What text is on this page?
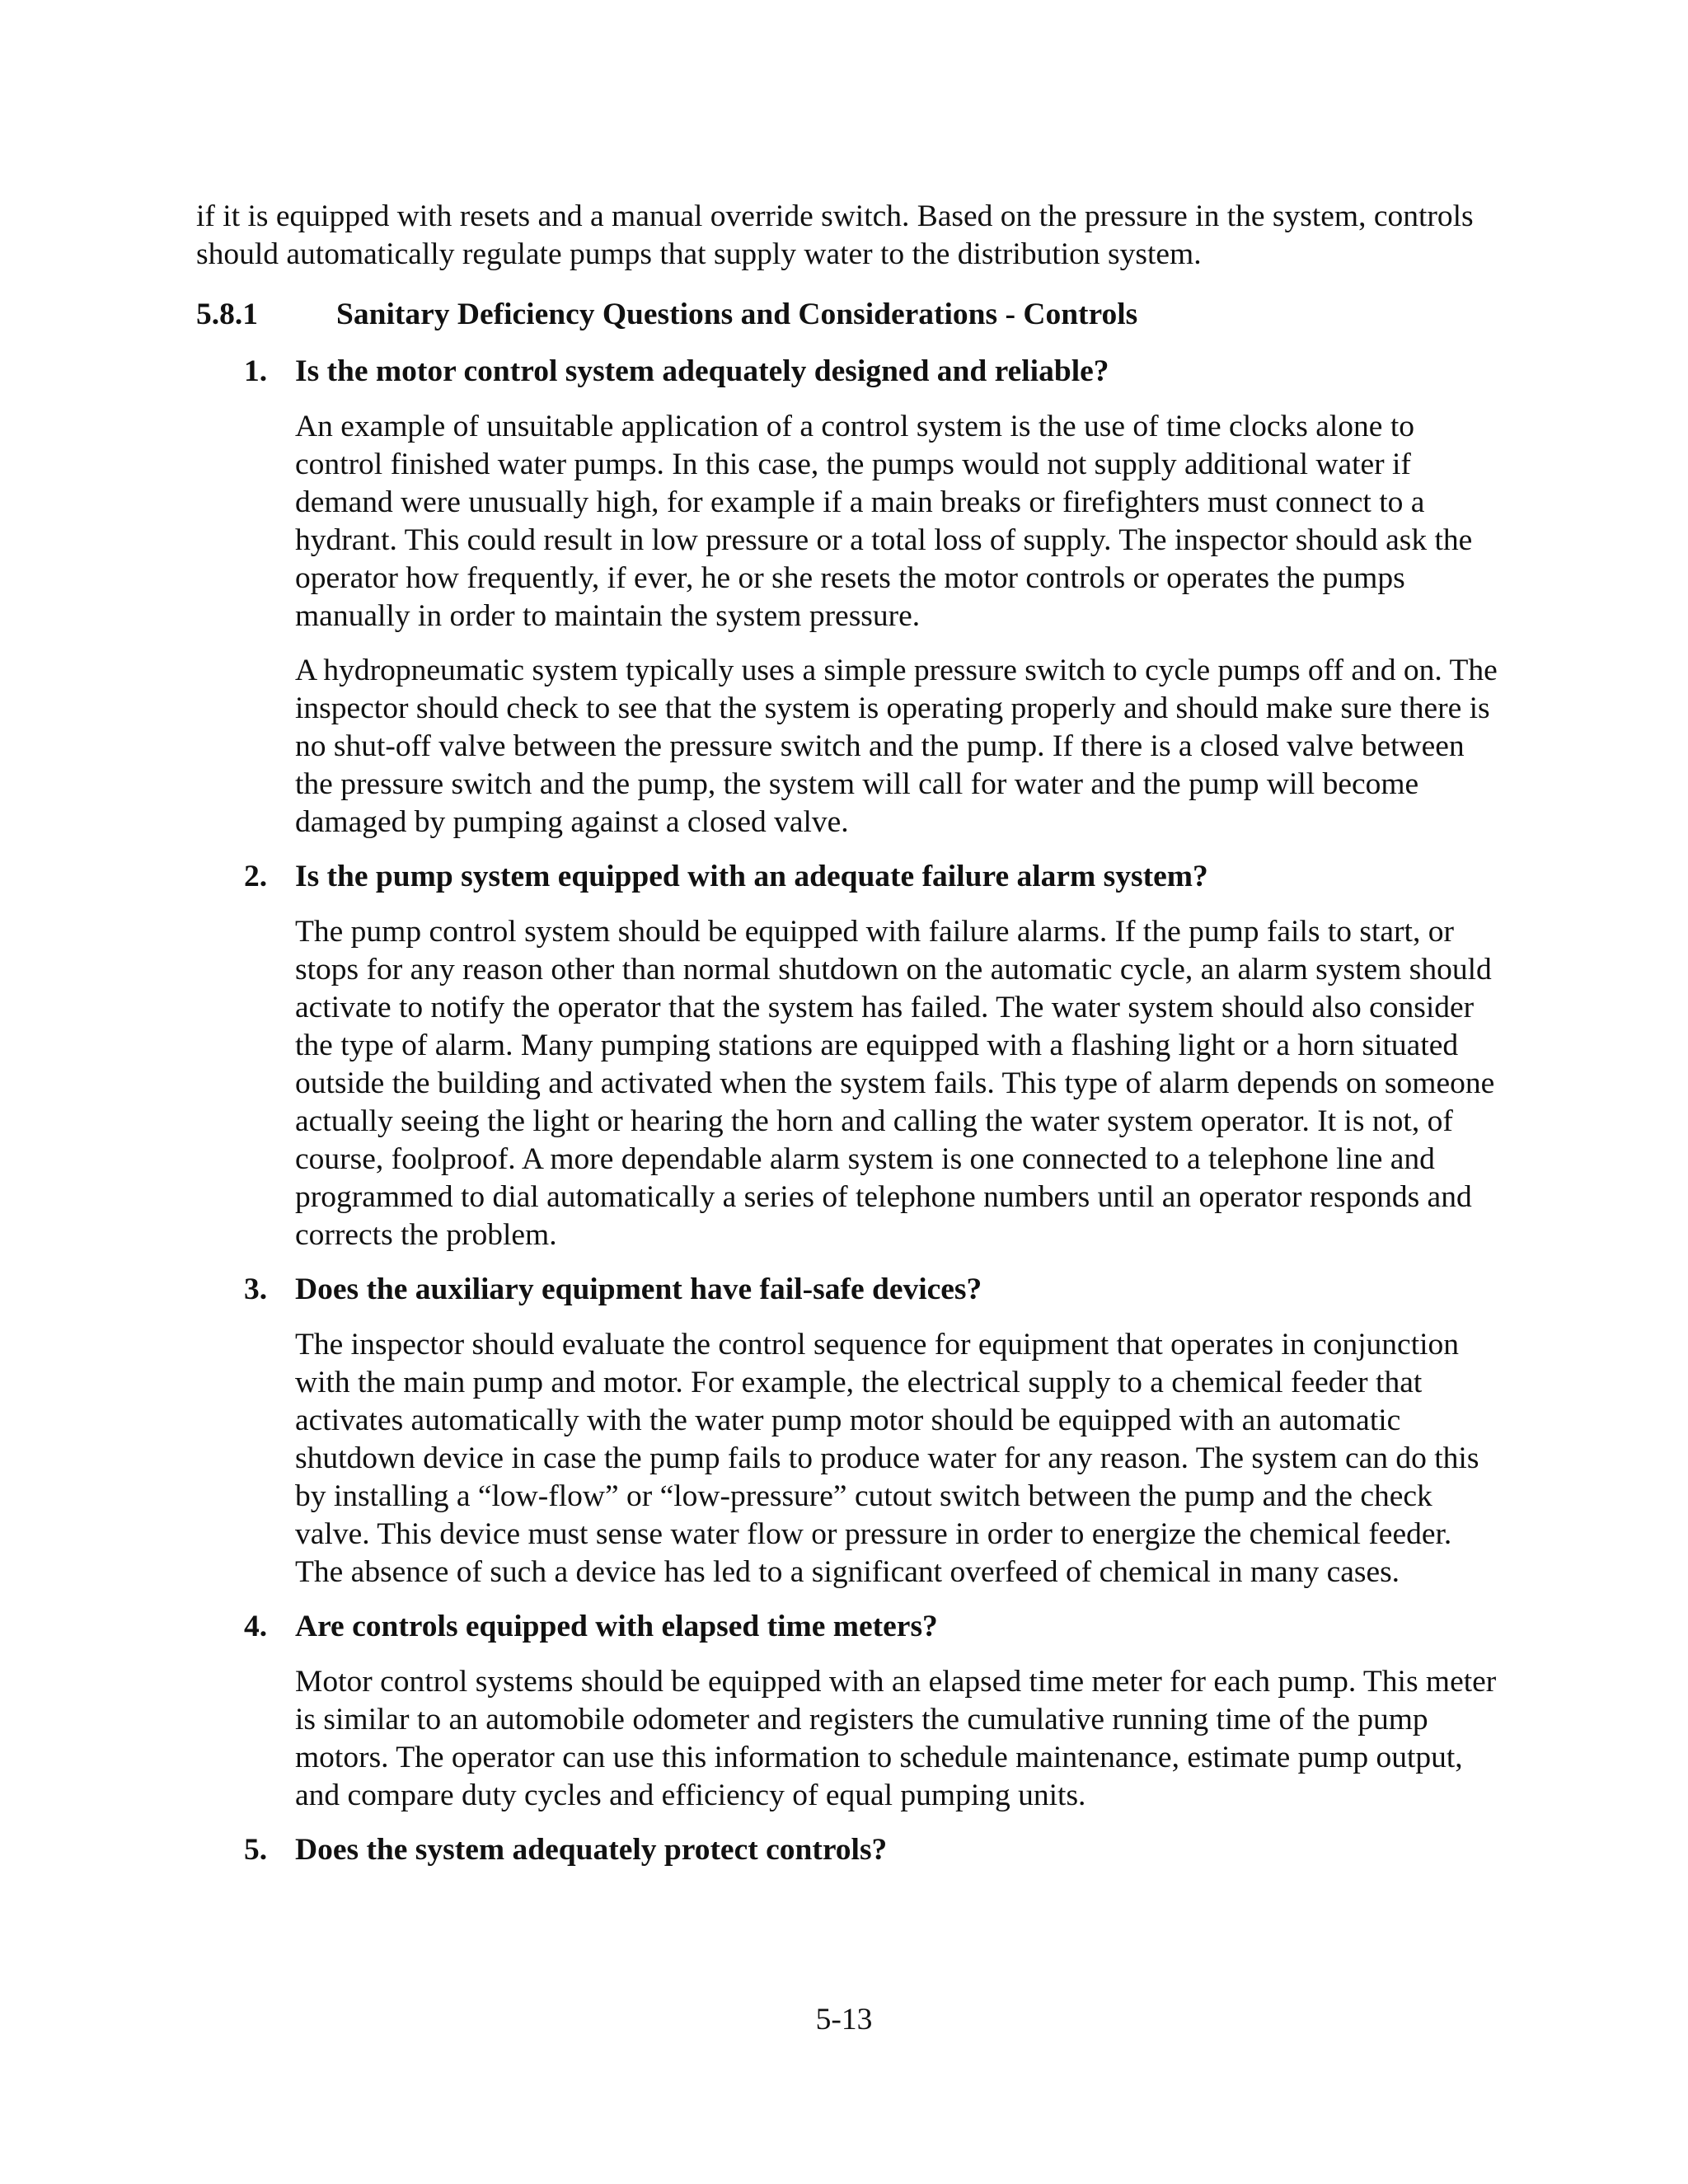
if it is equipped with resets and a manual override switch. Based on the pressure in the system, controls should automatically regulate pumps that supply water to the distribution system.

5.8.1	Sanitary Deficiency Questions and Considerations - Controls
1. Is the motor control system adequately designed and reliable?

An example of unsuitable application of a control system is the use of time clocks alone to control finished water pumps. In this case, the pumps would not supply additional water if demand were unusually high, for example if a main breaks or firefighters must connect to a hydrant. This could result in low pressure or a total loss of supply. The inspector should ask the operator how frequently, if ever, he or she resets the motor controls or operates the pumps manually in order to maintain the system pressure.

A hydropneumatic system typically uses a simple pressure switch to cycle pumps off and on. The inspector should check to see that the system is operating properly and should make sure there is no shut-off valve between the pressure switch and the pump. If there is a closed valve between the pressure switch and the pump, the system will call for water and the pump will become damaged by pumping against a closed valve.

2. Is the pump system equipped with an adequate failure alarm system?

The pump control system should be equipped with failure alarms. If the pump fails to start, or stops for any reason other than normal shutdown on the automatic cycle, an alarm system should activate to notify the operator that the system has failed. The water system should also consider the type of alarm. Many pumping stations are equipped with a flashing light or a horn situated outside the building and activated when the system fails. This type of alarm depends on someone actually seeing the light or hearing the horn and calling the water system operator. It is not, of course, foolproof. A more dependable alarm system is one connected to a telephone line and programmed to dial automatically a series of telephone numbers until an operator responds and corrects the problem.

3. Does the auxiliary equipment have fail-safe devices?

The inspector should evaluate the control sequence for equipment that operates in conjunction with the main pump and motor. For example, the electrical supply to a chemical feeder that activates automatically with the water pump motor should be equipped with an automatic shutdown device in case the pump fails to produce water for any reason. The system can do this by installing a “low-flow” or “low-pressure” cutout switch between the pump and the check valve. This device must sense water flow or pressure in order to energize the chemical feeder. The absence of such a device has led to a significant overfeed of chemical in many cases.

4. Are controls equipped with elapsed time meters?

Motor control systems should be equipped with an elapsed time meter for each pump. This meter is similar to an automobile odometer and registers the cumulative running time of the pump motors. The operator can use this information to schedule maintenance, estimate pump output, and compare duty cycles and efficiency of equal pumping units.

5. Does the system adequately protect controls?
5-13
